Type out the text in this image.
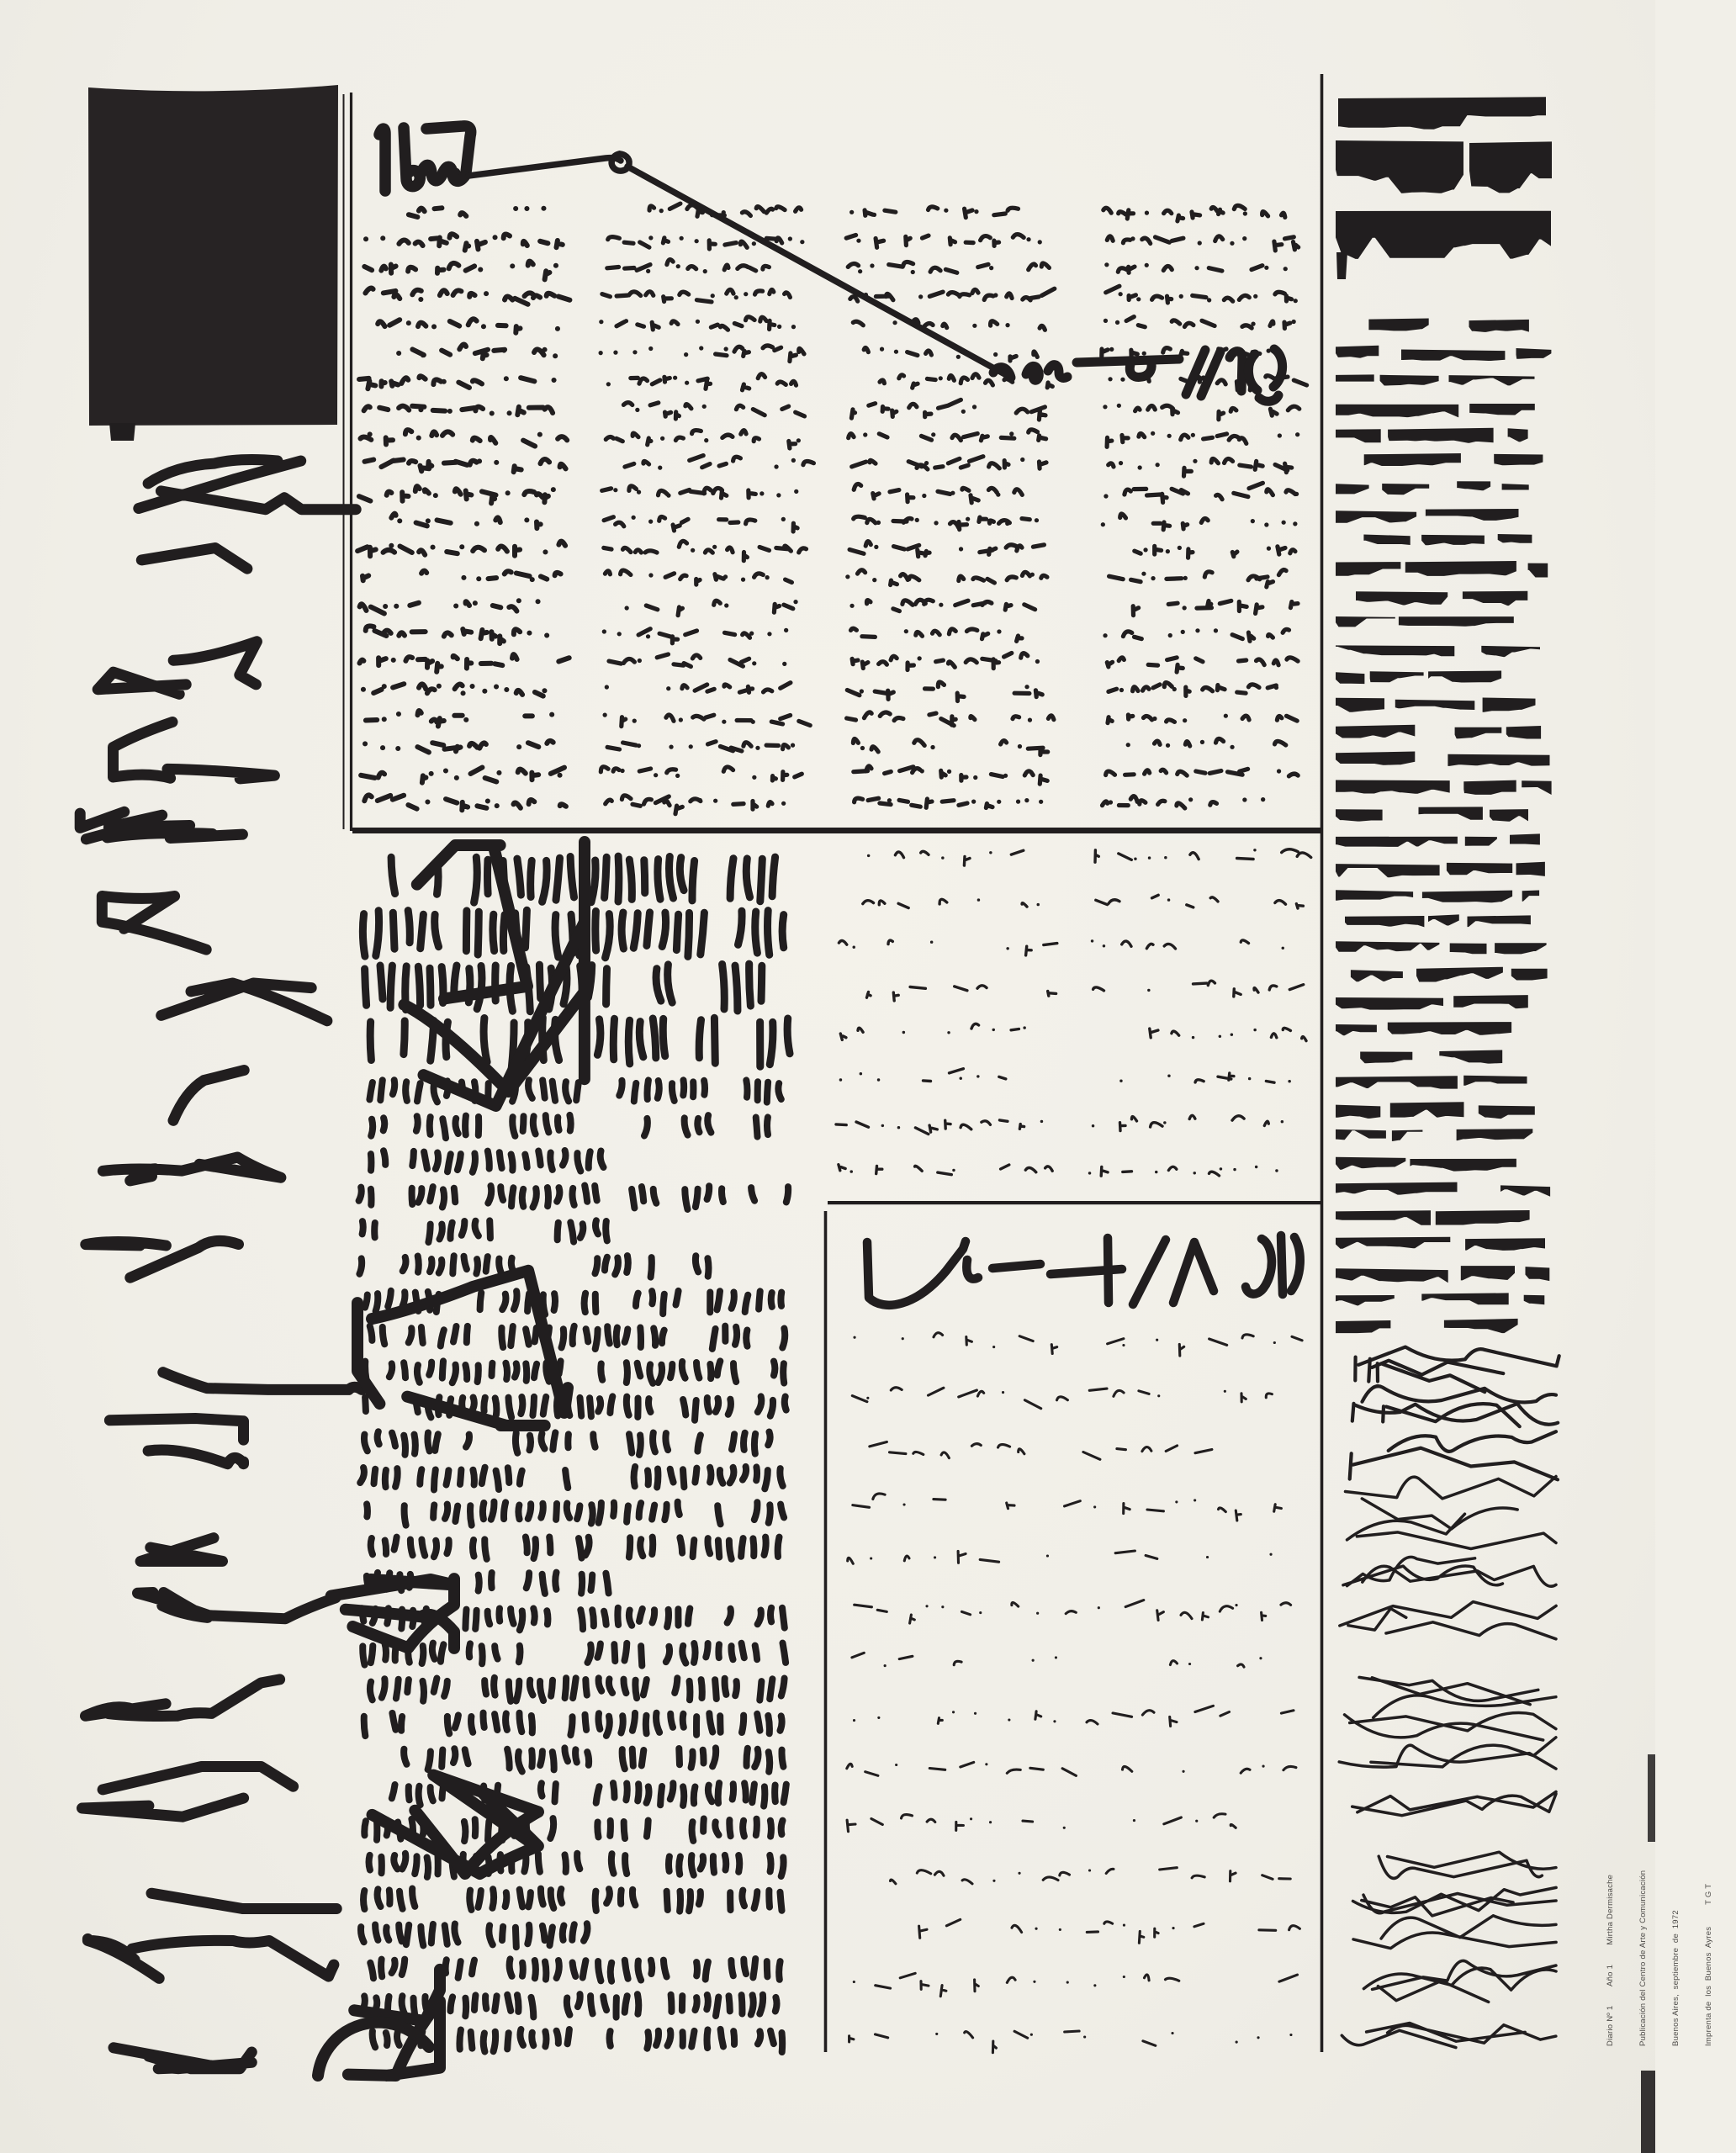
Diario Nº 1        Año 1        Mirtha Dermisache

	Publicación del Centro de Arte y Comunicación

	Buenos Aires,  septiembre  de  1972

	Imprenta de  los  Buenos  Ayres         T G T
